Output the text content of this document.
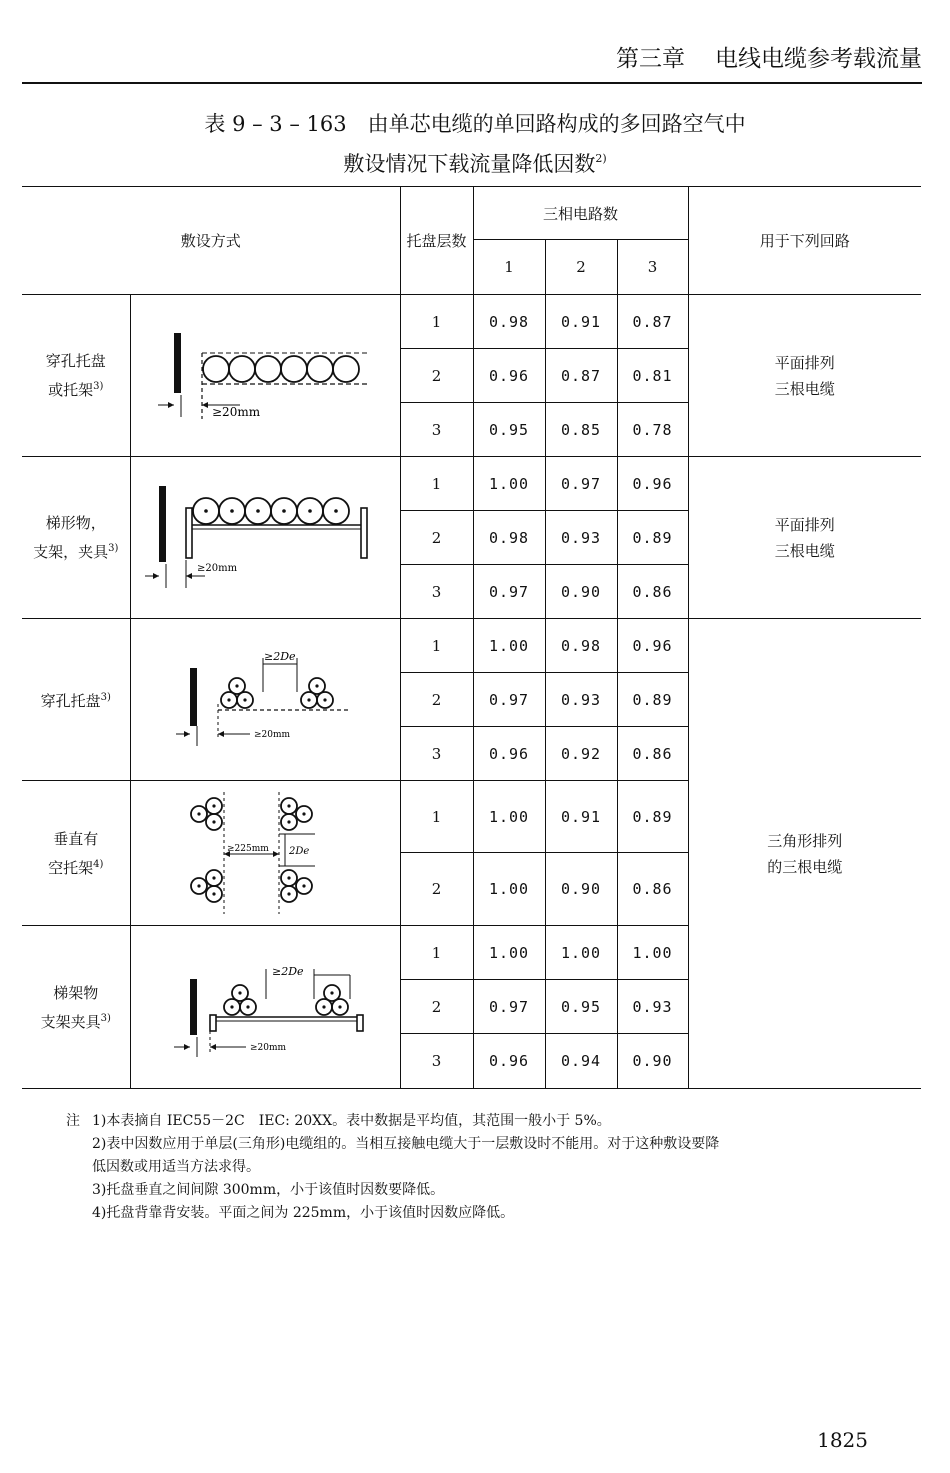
第三章 电线电缆参考载流量
表 9 – 3 – 163　由单芯电缆的单回路构成的多回路空气中
敷设情况下载流量降低因数$^{2)}$
敷设方式		托盘层数	三相电路数			用于下列回路
			1	2	3	

穿孔托盘
或托架$^{3)}$	≥20mm	1	0.98	0.91	0.87	平面排列
三根电缆

		2	0.96	0.87	0.81	
		3	0.95	0.85	0.78	

梯形物，
支架，夹具$^{3)}$	≥20mm	1	1.00	0.97	0.96	平面排列
三根电缆

		2	0.98	0.93	0.89	
		3	0.97	0.90	0.86	

穿孔托盘$^{3)}$	≥2De
≥20mm	1	1.00	0.98	0.96	三角形排列
的三根电缆

		2	0.97	0.93	0.89	
		3	0.96	0.92	0.86	

垂直有
空托架$^{4)}$	≥225mm 2De	1	1.00	0.91	0.89	
		2	1.00	0.90	0.86	

梯架物
支架夹具$^{3)}$	≥2De
≥20mm	1	1.00	1.00	1.00	
		2	0.97	0.95	0.93	
		3	0.96	0.94	0.90	
注 1)本表摘自 IEC55－2C　IEC: 20XX。表中数据是平均值，其范围一般小于 5%。
2)表中因数应用于单层(三角形)电缆组的。当相互接触电缆大于一层敷设时不能用。对于这种敷设要降
低因数或用适当方法求得。
3)托盘垂直之间间隙 300mm，小于该值时因数要降低。
4)托盘背靠背安装。平面之间为 225mm，小于该值时因数应降低。
1825
